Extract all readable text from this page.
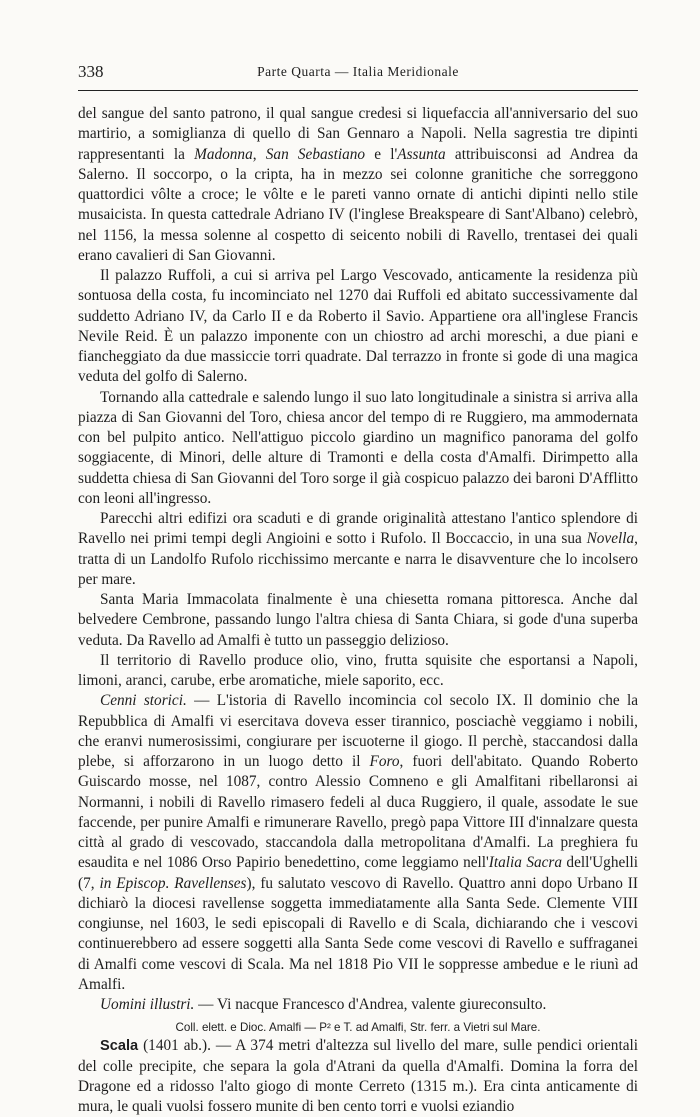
338	Parte Quarta — Italia Meridionale

del sangue del santo patrono, il qual sangue credesi si liquefaccia all'anniversario del suo martirio, a somiglianza di quello di San Gennaro a Napoli. Nella sagrestia tre dipinti rappresentanti la Madonna, San Sebastiano e l'Assunta attribuisconsi ad Andrea da Salerno. Il soccorpo, o la cripta, ha in mezzo sei colonne granitiche che sorreggono quattordici vôlte a croce; le vôlte e le pareti vanno ornate di antichi dipinti nello stile musaicista. In questa cattedrale Adriano IV (l'inglese Breakspeare di Sant'Albano) celebrò, nel 1156, la messa solenne al cospetto di seicento nobili di Ravello, trentasei dei quali erano cavalieri di San Giovanni.

Il palazzo Ruffoli, a cui si arriva pel Largo Vescovado, anticamente la residenza più sontuosa della costa, fu incominciato nel 1270 dai Ruffoli ed abitato successivamente dal suddetto Adriano IV, da Carlo II e da Roberto il Savio. Appartiene ora all'inglese Francis Nevile Reid. È un palazzo imponente con un chiostro ad archi moreschi, a due piani e fiancheggiato da due massiccie torri quadrate. Dal terrazzo in fronte si gode di una magica veduta del golfo di Salerno.

Tornando alla cattedrale e salendo lungo il suo lato longitudinale a sinistra si arriva alla piazza di San Giovanni del Toro, chiesa ancor del tempo di re Ruggiero, ma ammodernata con bel pulpito antico. Nell'attiguo piccolo giardino un magnifico panorama del golfo soggiacente, di Minori, delle alture di Tramonti e della costa d'Amalfi. Dirimpetto alla suddetta chiesa di San Giovanni del Toro sorge il già cospicuo palazzo dei baroni D'Afflitto con leoni all'ingresso.

Parecchi altri edifizi ora scaduti e di grande originalità attestano l'antico splendore di Ravello nei primi tempi degli Angioini e sotto i Rufolo. Il Boccaccio, in una sua Novella, tratta di un Landolfo Rufolo ricchissimo mercante e narra le disavventure che lo incolsero per mare.

Santa Maria Immacolata finalmente è una chiesetta romana pittoresca. Anche dal belvedere Cembrone, passando lungo l'altra chiesa di Santa Chiara, si gode d'una superba veduta. Da Ravello ad Amalfi è tutto un passeggio delizioso.

Il territorio di Ravello produce olio, vino, frutta squisite che esportansi a Napoli, limoni, aranci, carube, erbe aromatiche, miele saporito, ecc.

Cenni storici. — L'istoria di Ravello incomincia col secolo IX. Il dominio che la Repubblica di Amalfi vi esercitava doveva esser tirannico, posciachè veggiamo i nobili, che eranvi numerosissimi, congiurare per iscuoterne il giogo. Il perchè, staccandosi dalla plebe, si afforzarono in un luogo detto il Foro, fuori dell'abitato. Quando Roberto Guiscardo mosse, nel 1087, contro Alessio Comneno e gli Amalfitani ribellaronsi ai Normanni, i nobili di Ravello rimasero fedeli al duca Ruggiero, il quale, assodate le sue faccende, per punire Amalfi e rimunerare Ravello, pregò papa Vittore III d'innalzare questa città al grado di vescovado, staccandola dalla metropolitana d'Amalfi. La preghiera fu esaudita e nel 1086 Orso Papirio benedettino, come leggiamo nell'Italia Sacra dell'Ughelli (7, in Episcop. Ravellenses), fu salutato vescovo di Ravello. Quattro anni dopo Urbano II dichiarò la diocesi ravellense soggetta immediatamente alla Santa Sede. Clemente VIII congiunse, nel 1603, le sedi episcopali di Ravello e di Scala, dichiarando che i vescovi continuerebbero ad essere soggetti alla Santa Sede come vescovi di Ravello e suffraganei di Amalfi come vescovi di Scala. Ma nel 1818 Pio VII le soppresse ambedue e le riunì ad Amalfi.

Uomini illustri. — Vi nacque Francesco d'Andrea, valente giureconsulto.

Coll. elett. e Dioc. Amalfi — P² e T. ad Amalfi, Str. ferr. a Vietri sul Mare.

Scala (1401 ab.). — A 374 metri d'altezza sul livello del mare, sulle pendici orientali del colle precipite, che separa la gola d'Atrani da quella d'Amalfi. Domina la forra del Dragone ed a ridosso l'alto giogo di monte Cerreto (1315 m.). Era cinta anticamente di mura, le quali vuolsi fossero munite di ben cento torri e vuolsi eziandio
